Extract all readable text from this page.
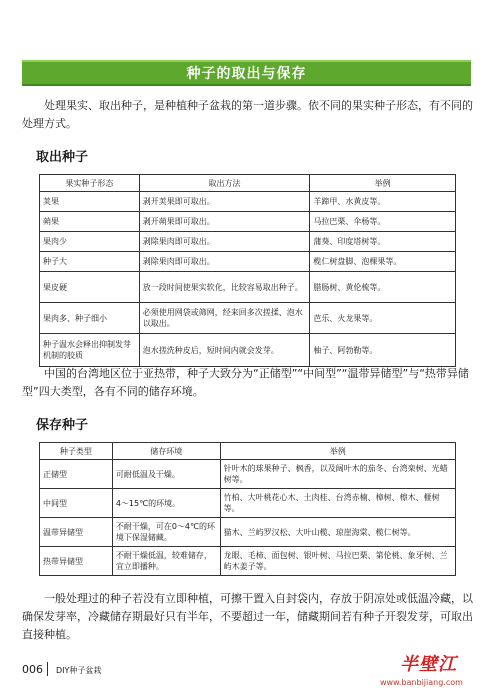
种子的取出与保存

处理果实、取出种子，是种植种子盆栽的第一道步骤。依不同的果实种子形态，有不同的处理方式。

取出种子
果实种子形态	取出方法	举例
荚果	剥开荚果即可取出。	羊蹄甲、水黄皮等。
蒴果	剥开蒴果即可取出。	马拉巴栗、伞杨等。
果肉少	剥除果肉即可取出。	蒲葵、印度塔树等。
种子大	剥除果肉即可取出。	榄仁树盘脚、泡棵果等。
果皮硬	放一段时间使果实软化，比较容易取出种子。	腊肠树、黄伦梳等。
果肉多、种子细小	必须使用网袋或筛网，经来回多次搓揉、泡水以取出。	芭乐、火龙果等。
种子温水会释出抑制发芽机制的胶质	泡水搓洗种皮后，短时间内就会发芽。	柚子、阿勃勒等。

中国的台湾地区位于亚热带，种子大致分为“正储型”“中间型”“温带异储型”与“热带异储型”四大类型，各有不同的储存环境。

保存种子
种子类型	储存环境	举例
正储型	可耐低温及干燥。	针叶木的球果种子、枫香，以及阔叶木的茄冬、台湾栾树、光蜡树等。
中间型	4～15℃的环境。	竹柏、大叶桃花心木、土肉桂、台湾赤楠、樟树、檫木、榧树等。
温带异储型	不耐干燥，可在0～4℃的环境下保湿储藏。	猫木、兰屿罗汉松、大叶山榄、琼崖海棠、榄仁树等。
热带异储型	不耐干燥低温，较难储存，宜立即播种。	龙眼、毛柿、面包树、银叶树、马拉巴栗、第伦桃、象牙树、兰屿木姜子等。

一般处理过的种子若没有立即种植，可擦干置入自封袋内，存放于阴凉处或低温冷藏，以确保发芽率，冷藏储存期最好只有半年，不要超过一年，储藏期间若有种子开裂发芽，可取出直接种植。

006 DIY种子盆栽	半壁江
www.banbijiang.com
